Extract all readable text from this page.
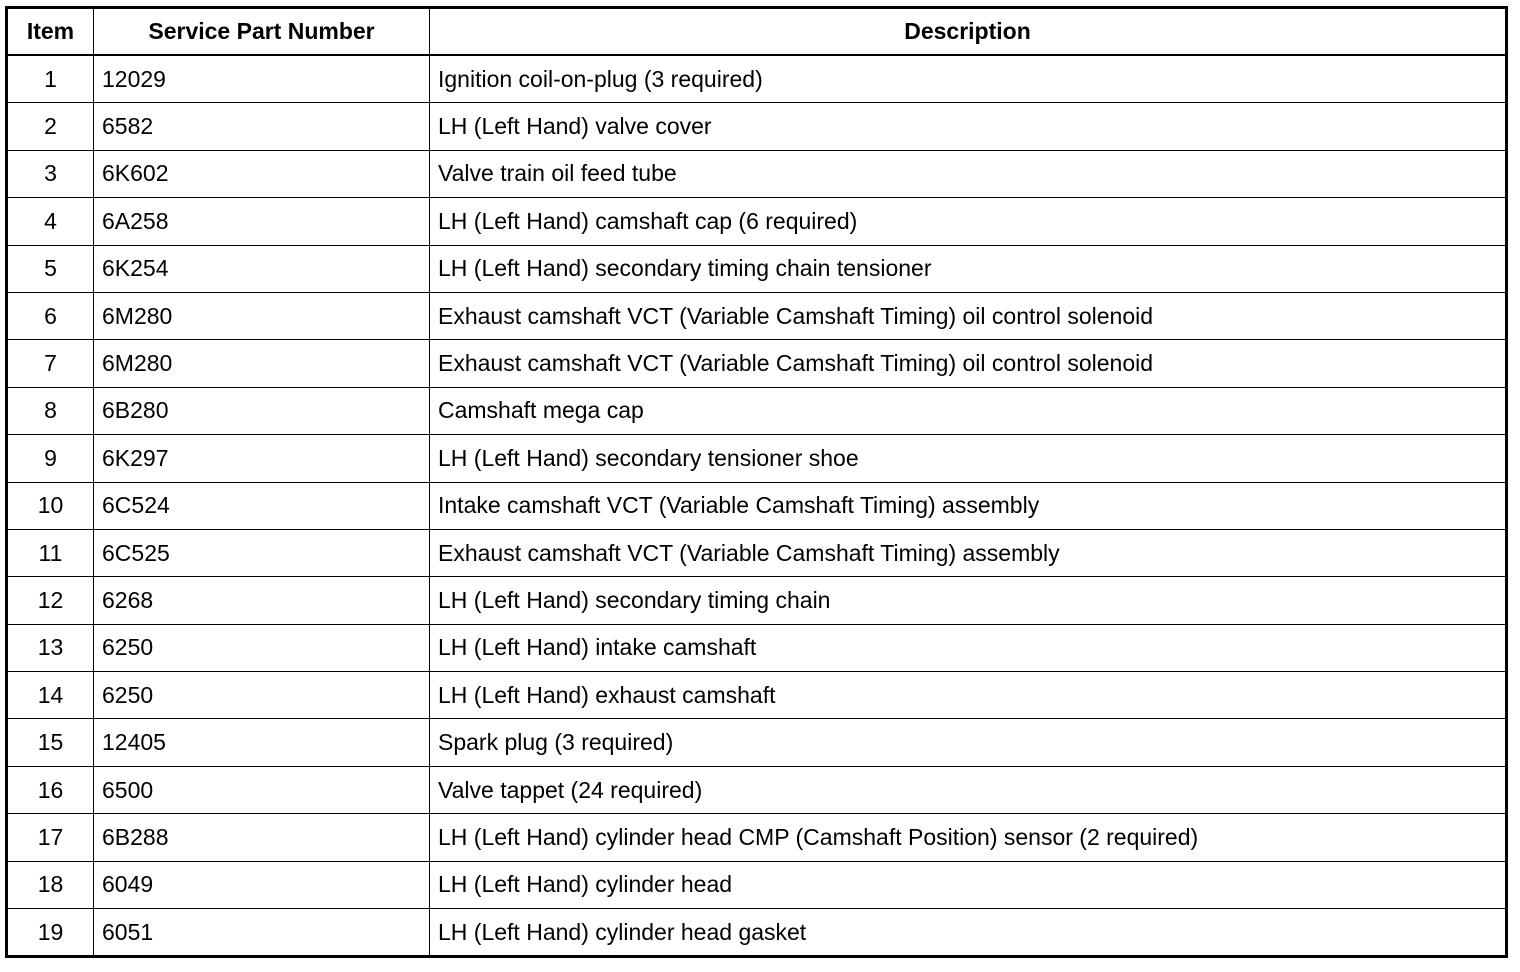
Item	Service Part Number	Description
1	12029	Ignition coil-on-plug (3 required)
2	6582	LH (Left Hand) valve cover
3	6K602	Valve train oil feed tube
4	6A258	LH (Left Hand) camshaft cap (6 required)
5	6K254	LH (Left Hand) secondary timing chain tensioner
6	6M280	Exhaust camshaft VCT (Variable Camshaft Timing) oil control solenoid
7	6M280	Exhaust camshaft VCT (Variable Camshaft Timing) oil control solenoid
8	6B280	Camshaft mega cap
9	6K297	LH (Left Hand) secondary tensioner shoe
10	6C524	Intake camshaft VCT (Variable Camshaft Timing) assembly
11	6C525	Exhaust camshaft VCT (Variable Camshaft Timing) assembly
12	6268	LH (Left Hand) secondary timing chain
13	6250	LH (Left Hand) intake camshaft
14	6250	LH (Left Hand) exhaust camshaft
15	12405	Spark plug (3 required)
16	6500	Valve tappet (24 required)
17	6B288	LH (Left Hand) cylinder head CMP (Camshaft Position) sensor (2 required)
18	6049	LH (Left Hand) cylinder head
19	6051	LH (Left Hand) cylinder head gasket
